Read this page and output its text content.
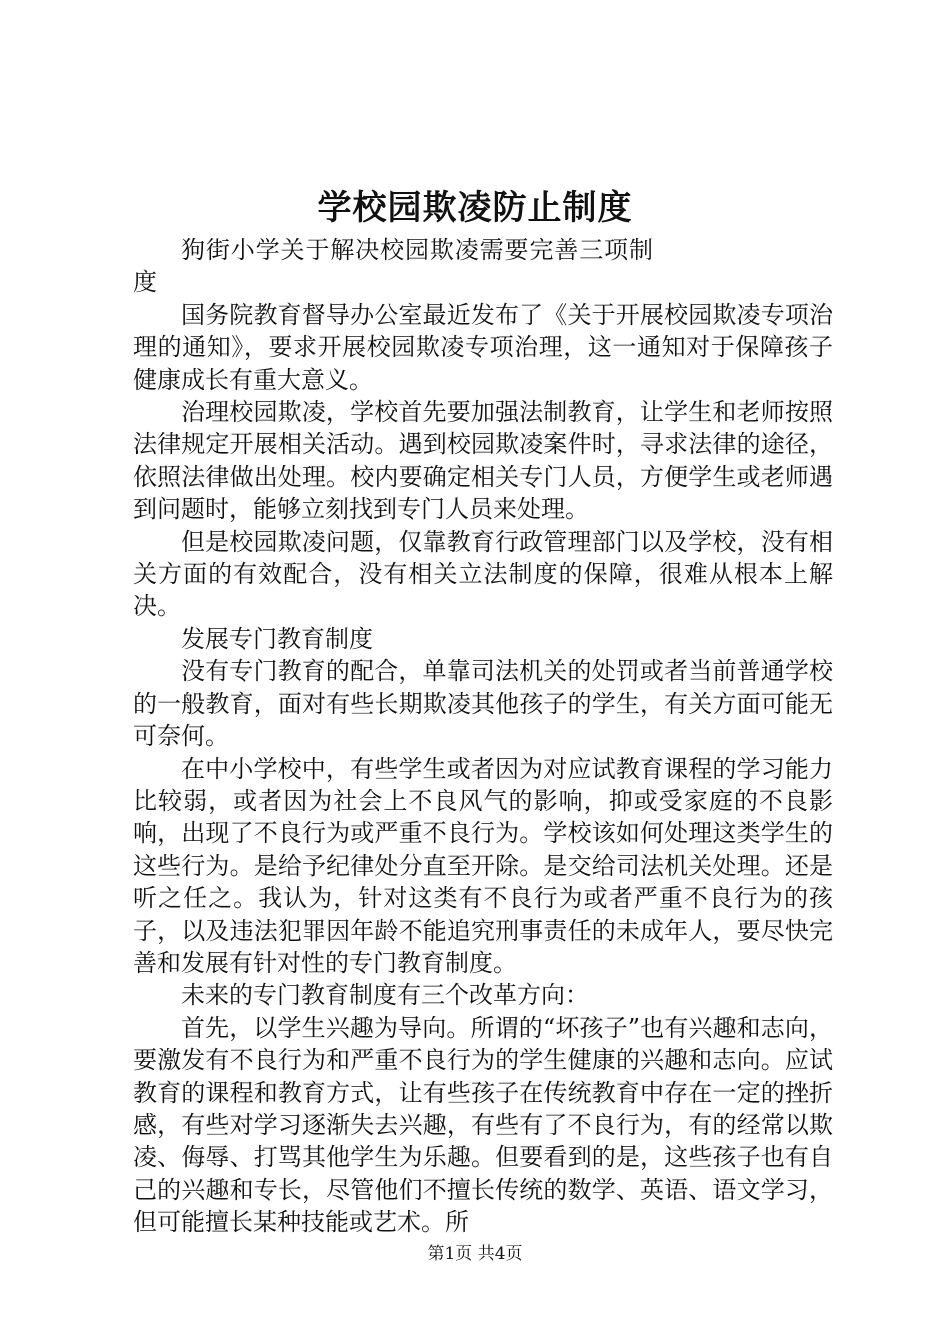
学校园欺凌防止制度

狗街小学关于解决校园欺凌需要完善三项制度

国务院教育督导办公室最近发布了《关于开展校园欺凌专项治理的通知》，要求开展校园欺凌专项治理，这一通知对于保障孩子健康成长有重大意义。

治理校园欺凌，学校首先要加强法制教育，让学生和老师按照法律规定开展相关活动。遇到校园欺凌案件时，寻求法律的途径，依照法律做出处理。校内要确定相关专门人员，方便学生或老师遇到问题时，能够立刻找到专门人员来处理。

但是校园欺凌问题，仅靠教育行政管理部门以及学校，没有相关方面的有效配合，没有相关立法制度的保障，很难从根本上解决。

发展专门教育制度

没有专门教育的配合，单靠司法机关的处罚或者当前普通学校的一般教育，面对有些长期欺凌其他孩子的学生，有关方面可能无可奈何。

在中小学校中，有些学生或者因为对应试教育课程的学习能力比较弱，或者因为社会上不良风气的影响，抑或受家庭的不良影响，出现了不良行为或严重不良行为。学校该如何处理这类学生的这些行为。是给予纪律处分直至开除。是交给司法机关处理。还是听之任之。我认为，针对这类有不良行为或者严重不良行为的孩子，以及违法犯罪因年龄不能追究刑事责任的未成年人，要尽快完善和发展有针对性的专门教育制度。

未来的专门教育制度有三个改革方向：

首先，以学生兴趣为导向。所谓的“坏孩子”也有兴趣和志向，要激发有不良行为和严重不良行为的学生健康的兴趣和志向。应试教育的课程和教育方式，让有些孩子在传统教育中存在一定的挫折感，有些对学习逐渐失去兴趣，有些有了不良行为，有的经常以欺凌、侮辱、打骂其他学生为乐趣。但要看到的是，这些孩子也有自己的兴趣和专长，尽管他们不擅长传统的数学、英语、语文学习，但可能擅长某种技能或艺术。所

第1页 共4页
